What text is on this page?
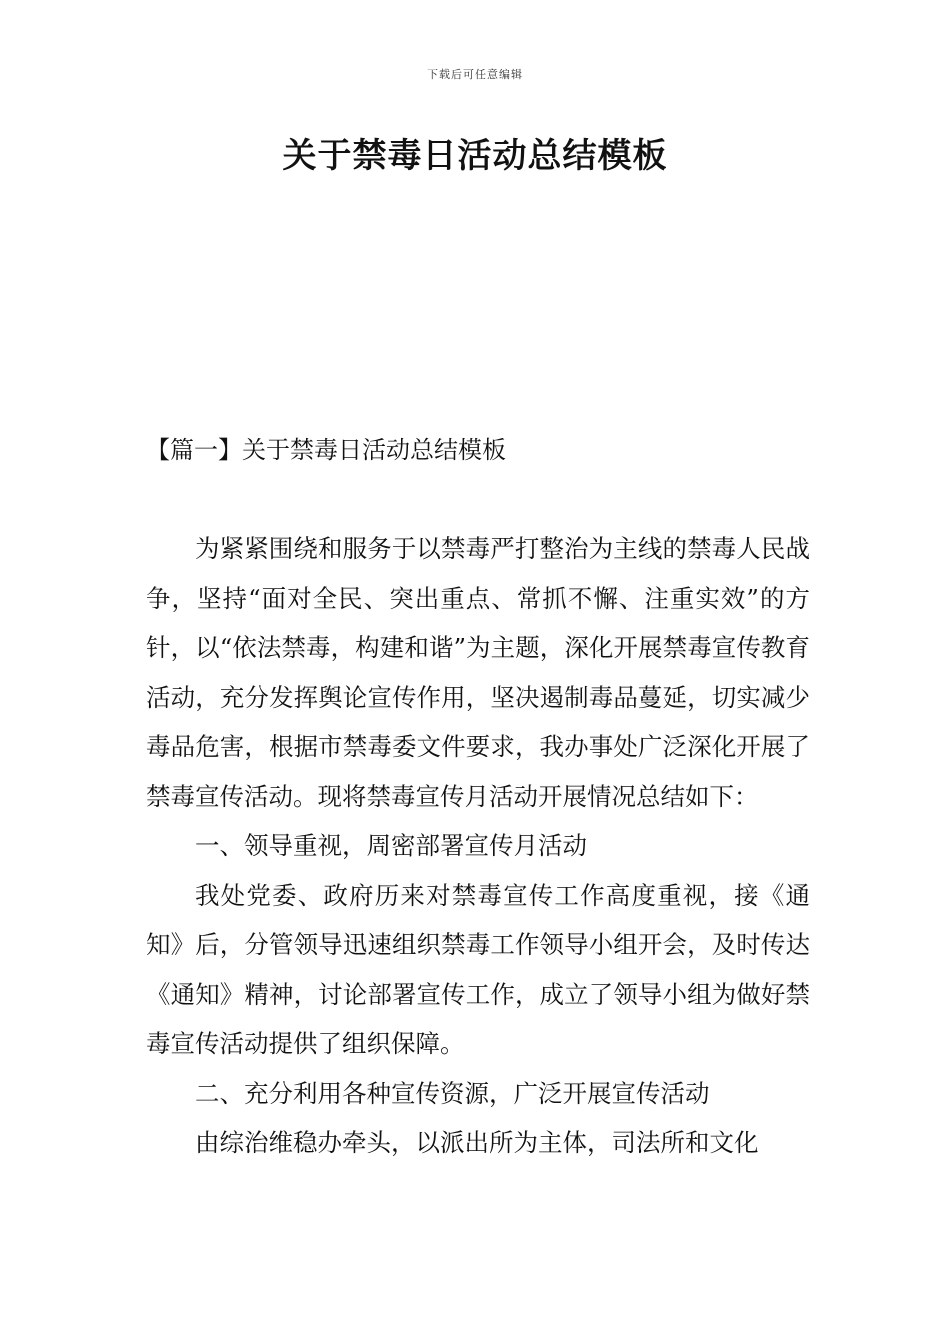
下载后可任意编辑
关于禁毒日活动总结模板
【篇一】关于禁毒日活动总结模板

为紧紧围绕和服务于以禁毒严打整治为主线的禁毒人民战争，坚持“面对全民、突出重点、常抓不懈、注重实效”的方针，以“依法禁毒，构建和谐”为主题，深化开展禁毒宣传教育活动，充分发挥舆论宣传作用，坚决遏制毒品蔓延，切实减少毒品危害，根据市禁毒委文件要求，我办事处广泛深化开展了禁毒宣传活动。现将禁毒宣传月活动开展情况总结如下：

一、领导重视，周密部署宣传月活动

我处党委、政府历来对禁毒宣传工作高度重视，接《通知》后，分管领导迅速组织禁毒工作领导小组开会，及时传达《通知》精神，讨论部署宣传工作，成立了领导小组为做好禁毒宣传活动提供了组织保障。

二、充分利用各种宣传资源，广泛开展宣传活动

由综治维稳办牵头，以派出所为主体，司法所和文化
